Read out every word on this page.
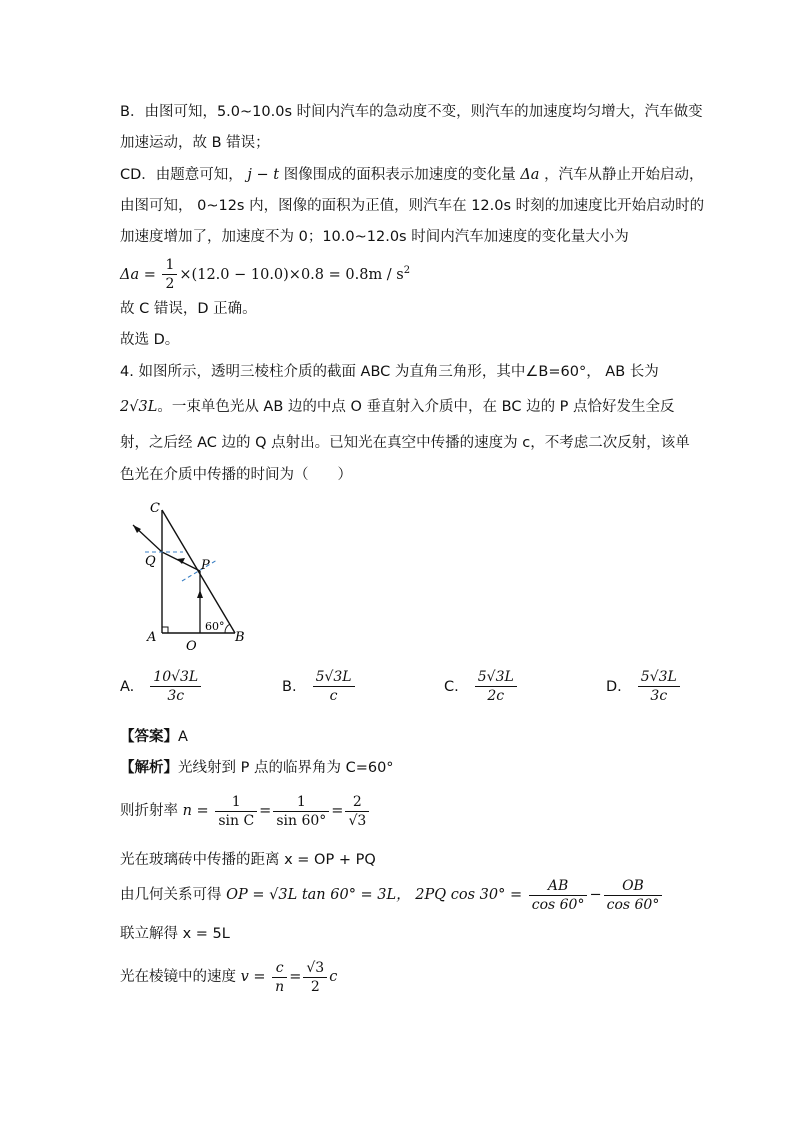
B．由图可知，5.0~10.0s 时间内汽车的急动度不变，则汽车的加速度均匀增大，汽车做变
加速运动，故 B 错误；
CD．由题意可知， j − t 图像围成的面积表示加速度的变化量 Δa ，汽车从静止开始启动，
由图可知， 0~12s 内，图像的面积为正值，则汽车在 12.0s 时刻的加速度比开始启动时的
加速度增加了，加速度不为 0；10.0~12.0s 时间内汽车加速度的变化量大小为
$\Delta a = \frac{1}{2} \times(12.0 - 10.0)\times 0.8 = 0.8m / s^2$
故 C 错误，D 正确。
故选 D。
4. 如图所示，透明三棱柱介质的截面 ABC 为直角三角形，其中∠B=60°， AB 长为
2√3L。一束单色光从 AB 边的中点 O 垂直射入介质中，在 BC 边的 P 点恰好发生全反
射，之后经 AC 边的 Q 点射出。已知光在真空中传播的速度为 c，不考虑二次反射，该单
色光在介质中传播的时间为（　　）
C
Q	P
A
O
B
60°
A. $\frac{10√3L}{3c}$	B. $\frac{5√3L}{c}$	C. $\frac{5√3L}{2c}$	D. $\frac{5√3L}{3c}$
【答案】A
【解析】光线射到 P 点的临界角为 C=60°
则折射率 $n = \frac{1}{\text{sin C}} = \frac{1}{\sin 60^\circ} = \frac{2}{√3}$
光在玻璃砖中传播的距离 x = OP + PQ
由几何关系可得 OP = √3L tan 60° = 3L， 2PQ $\cos 30^\circ = \frac{AB}{\cos 60^\circ} - \frac{OB}{\cos 60^\circ}$
联立解得 x = 5L
光在棱镜中的速度 $v = \frac{c}{n} = \frac{√3}{2}$ c
